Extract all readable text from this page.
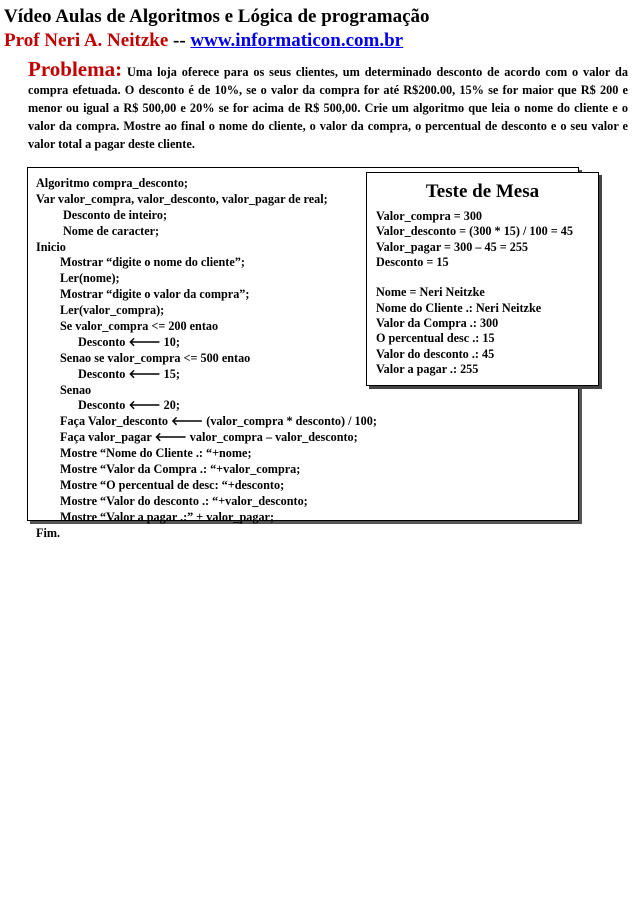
Vídeo Aulas de Algoritmos e Lógica de programação
Prof Neri A. Neitzke -- www.informaticon.com.br
Problema: Uma loja oferece para os seus clientes, um determinado desconto de acordo com o valor da compra efetuada. O desconto é de 10%, se o valor da compra for até R$200.00, 15% se for maior que R$ 200 e menor ou igual a R$ 500,00 e 20% se for acima de R$ 500,00. Crie um algoritmo que leia o nome do cliente e o valor da compra. Mostre ao final o nome do cliente, o valor da compra, o percentual de desconto e o seu valor e valor total a pagar deste cliente.
Algoritmo compra_desconto;
Var valor_compra, valor_desconto, valor_pagar de real;
Desconto de inteiro;
Nome de caracter;
Inicio
Mostrar “digite o nome do cliente”;
Ler(nome);
Mostrar “digite o valor da compra”;
Ler(valor_compra);
Se valor_compra <= 200 entao
Desconto 🡐 10;
Senao se valor_compra <= 500 entao
Desconto 🡐 15;
Senao
Desconto 🡐 20;
Faça Valor_desconto 🡐 (valor_compra * desconto) / 100;
Faça valor_pagar 🡐 valor_compra – valor_desconto;
Mostre “Nome do Cliente .: “+nome;
Mostre “Valor da Compra .: “+valor_compra;
Mostre “O percentual de desc: “+desconto;
Mostre “Valor do desconto .: “+valor_desconto;
Mostre “Valor a pagar .:” + valor_pagar;
Fim.
Teste de Mesa
Valor_compra = 300
Valor_desconto = (300 * 15) / 100 = 45
Valor_pagar = 300 – 45 = 255
Desconto = 15
Nome = Neri Neitzke
Nome do Cliente .: Neri Neitzke
Valor da Compra .: 300
O percentual desc .: 15
Valor do desconto .: 45
Valor a pagar .: 255
